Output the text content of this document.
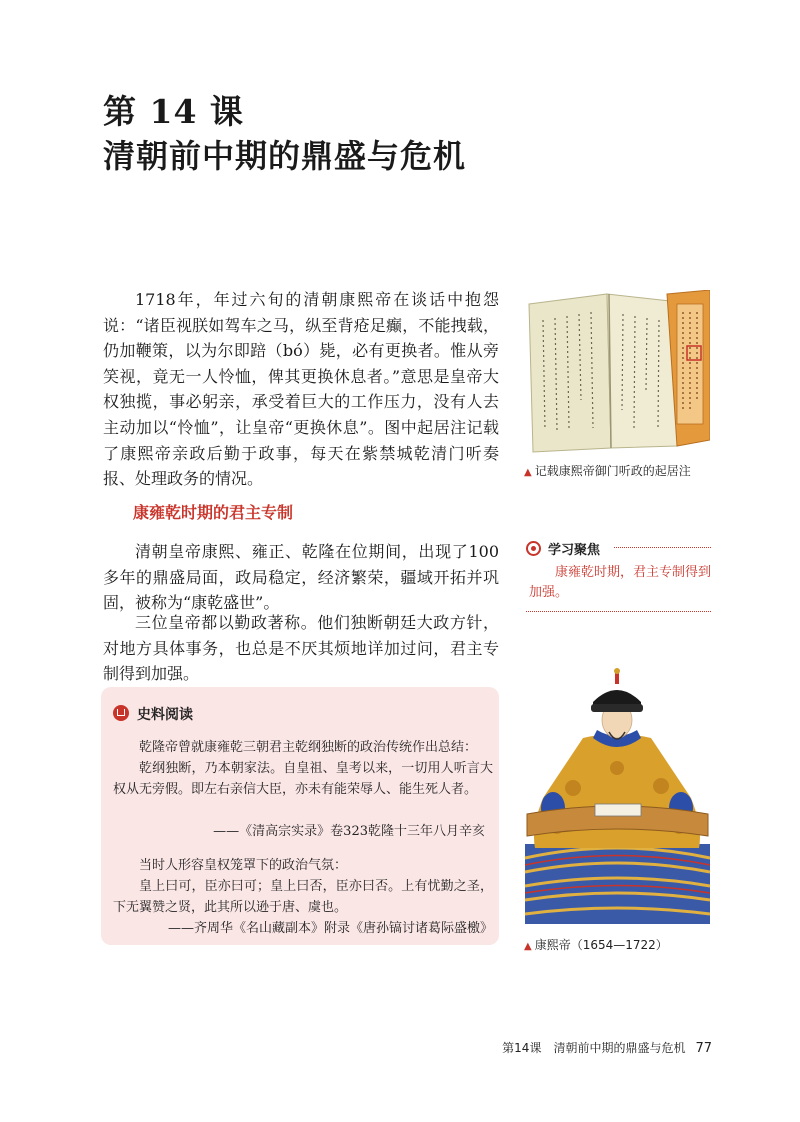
第 14 课
清朝前中期的鼎盛与危机
1718年，年过六旬的清朝康熙帝在谈话中抱怨说：“诸臣视朕如驾车之马，纵至背疮足癫，不能拽载，仍加鞭策，以为尔即踣（bó）毙，必有更换者。惟从旁笑视，竟无一人怜恤，俾其更换休息者。”意思是皇帝大权独揽，事必躬亲，承受着巨大的工作压力，没有人去主动加以“怜恤”，让皇帝“更换休息”。图中起居注记载了康熙帝亲政后勤于政事，每天在紫禁城乾清门听奏报、处理政务的情况。	▲ 记载康熙帝御门听政的起居注
康雍乾时期的君主专制
清朝皇帝康熙、雍正、乾隆在位期间，出现了100多年的鼎盛局面，政局稳定，经济繁荣，疆域开拓并巩固，被称为“康乾盛世”。
三位皇帝都以勤政著称。他们独断朝廷大政方针，对地方具体事务，也总是不厌其烦地详加过问，君主专制得到加强。
学习聚焦
康雍乾时期，君主专制得到加强。
史料阅读
乾隆帝曾就康雍乾三朝君主乾纲独断的政治传统作出总结：
乾纲独断，乃本朝家法。自皇祖、皇考以来，一切用人听言大权从无旁假。即左右亲信大臣，亦未有能荣辱人、能生死人者。
——《清高宗实录》卷323乾隆十三年八月辛亥
当时人形容皇权笼罩下的政治气氛：
皇上曰可，臣亦曰可；皇上曰否，臣亦曰否。上有忧勤之圣，下无翼赞之贤，此其所以逊于唐、虞也。
——齐周华《名山藏副本》附录《唐孙镐讨诸葛际盛檄》
▲ 康熙帝（1654—1722）
第14课　清朝前中期的鼎盛与危机 77
